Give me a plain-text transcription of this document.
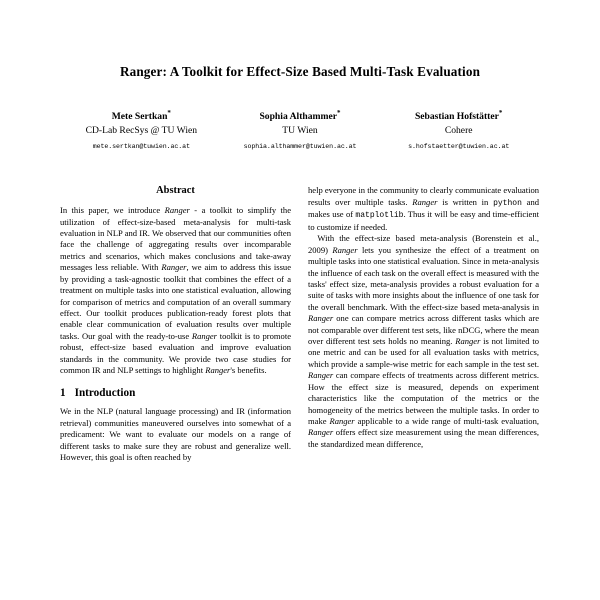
Ranger: A Toolkit for Effect-Size Based Multi-Task Evaluation
Mete Sertkan*
CD-Lab RecSys @ TU Wien
mete.sertkan@tuwien.ac.at
Sophia Althammer*
TU Wien
sophia.althammer@tuwien.ac.at
Sebastian Hofstätter*
Cohere
s.hofstaetter@tuwien.ac.at
Abstract

In this paper, we introduce Ranger - a toolkit to simplify the utilization of effect-size-based meta-analysis for multi-task evaluation in NLP and IR. We observed that our communities often face the challenge of aggregating results over incomparable metrics and scenarios, which makes conclusions and take-away messages less reliable. With Ranger, we aim to address this issue by providing a task-agnostic toolkit that combines the effect of a treatment on multiple tasks into one statistical evaluation, allowing for comparison of metrics and computation of an overall summary effect. Our toolkit produces publication-ready forest plots that enable clear communication of evaluation results over multiple tasks. Our goal with the ready-to-use Ranger toolkit is to promote robust, effect-size based evaluation and improve evaluation standards in the community. We provide two case studies for common IR and NLP settings to highlight Ranger's benefits.

1 Introduction

We in the NLP (natural language processing) and IR (information retrieval) communities maneuvered ourselves into somewhat of a predicament: We want to evaluate our models on a range of different tasks to make sure they are robust and generalize well. However, this goal is often reached by

help everyone in the community to clearly communicate evaluation results over multiple tasks. Ranger is written in python and makes use of matplotlib. Thus it will be easy and time-efficient to customize if needed.

With the effect-size based meta-analysis (Borenstein et al., 2009) Ranger lets you synthesize the effect of a treatment on multiple tasks into one statistical evaluation. Since in meta-analysis the influence of each task on the overall effect is measured with the tasks' effect size, meta-analysis provides a robust evaluation for a suite of tasks with more insights about the influence of one task for the overall benchmark. With the effect-size based meta-analysis in Ranger one can compare metrics across different tasks which are not comparable over different test sets, like nDCG, where the mean over different test sets holds no meaning. Ranger is not limited to one metric and can be used for all evaluation tasks with metrics, which provide a sample-wise metric for each sample in the test set. Ranger can compare effects of treatments across different metrics. How the effect size is measured, depends on experiment characteristics like the computation of the metrics or the homogeneity of the metrics between the multiple tasks. In order to make Ranger applicable to a wide range of multi-task evaluation, Ranger offers effect size measurement using the mean differences, the standardized mean difference,
